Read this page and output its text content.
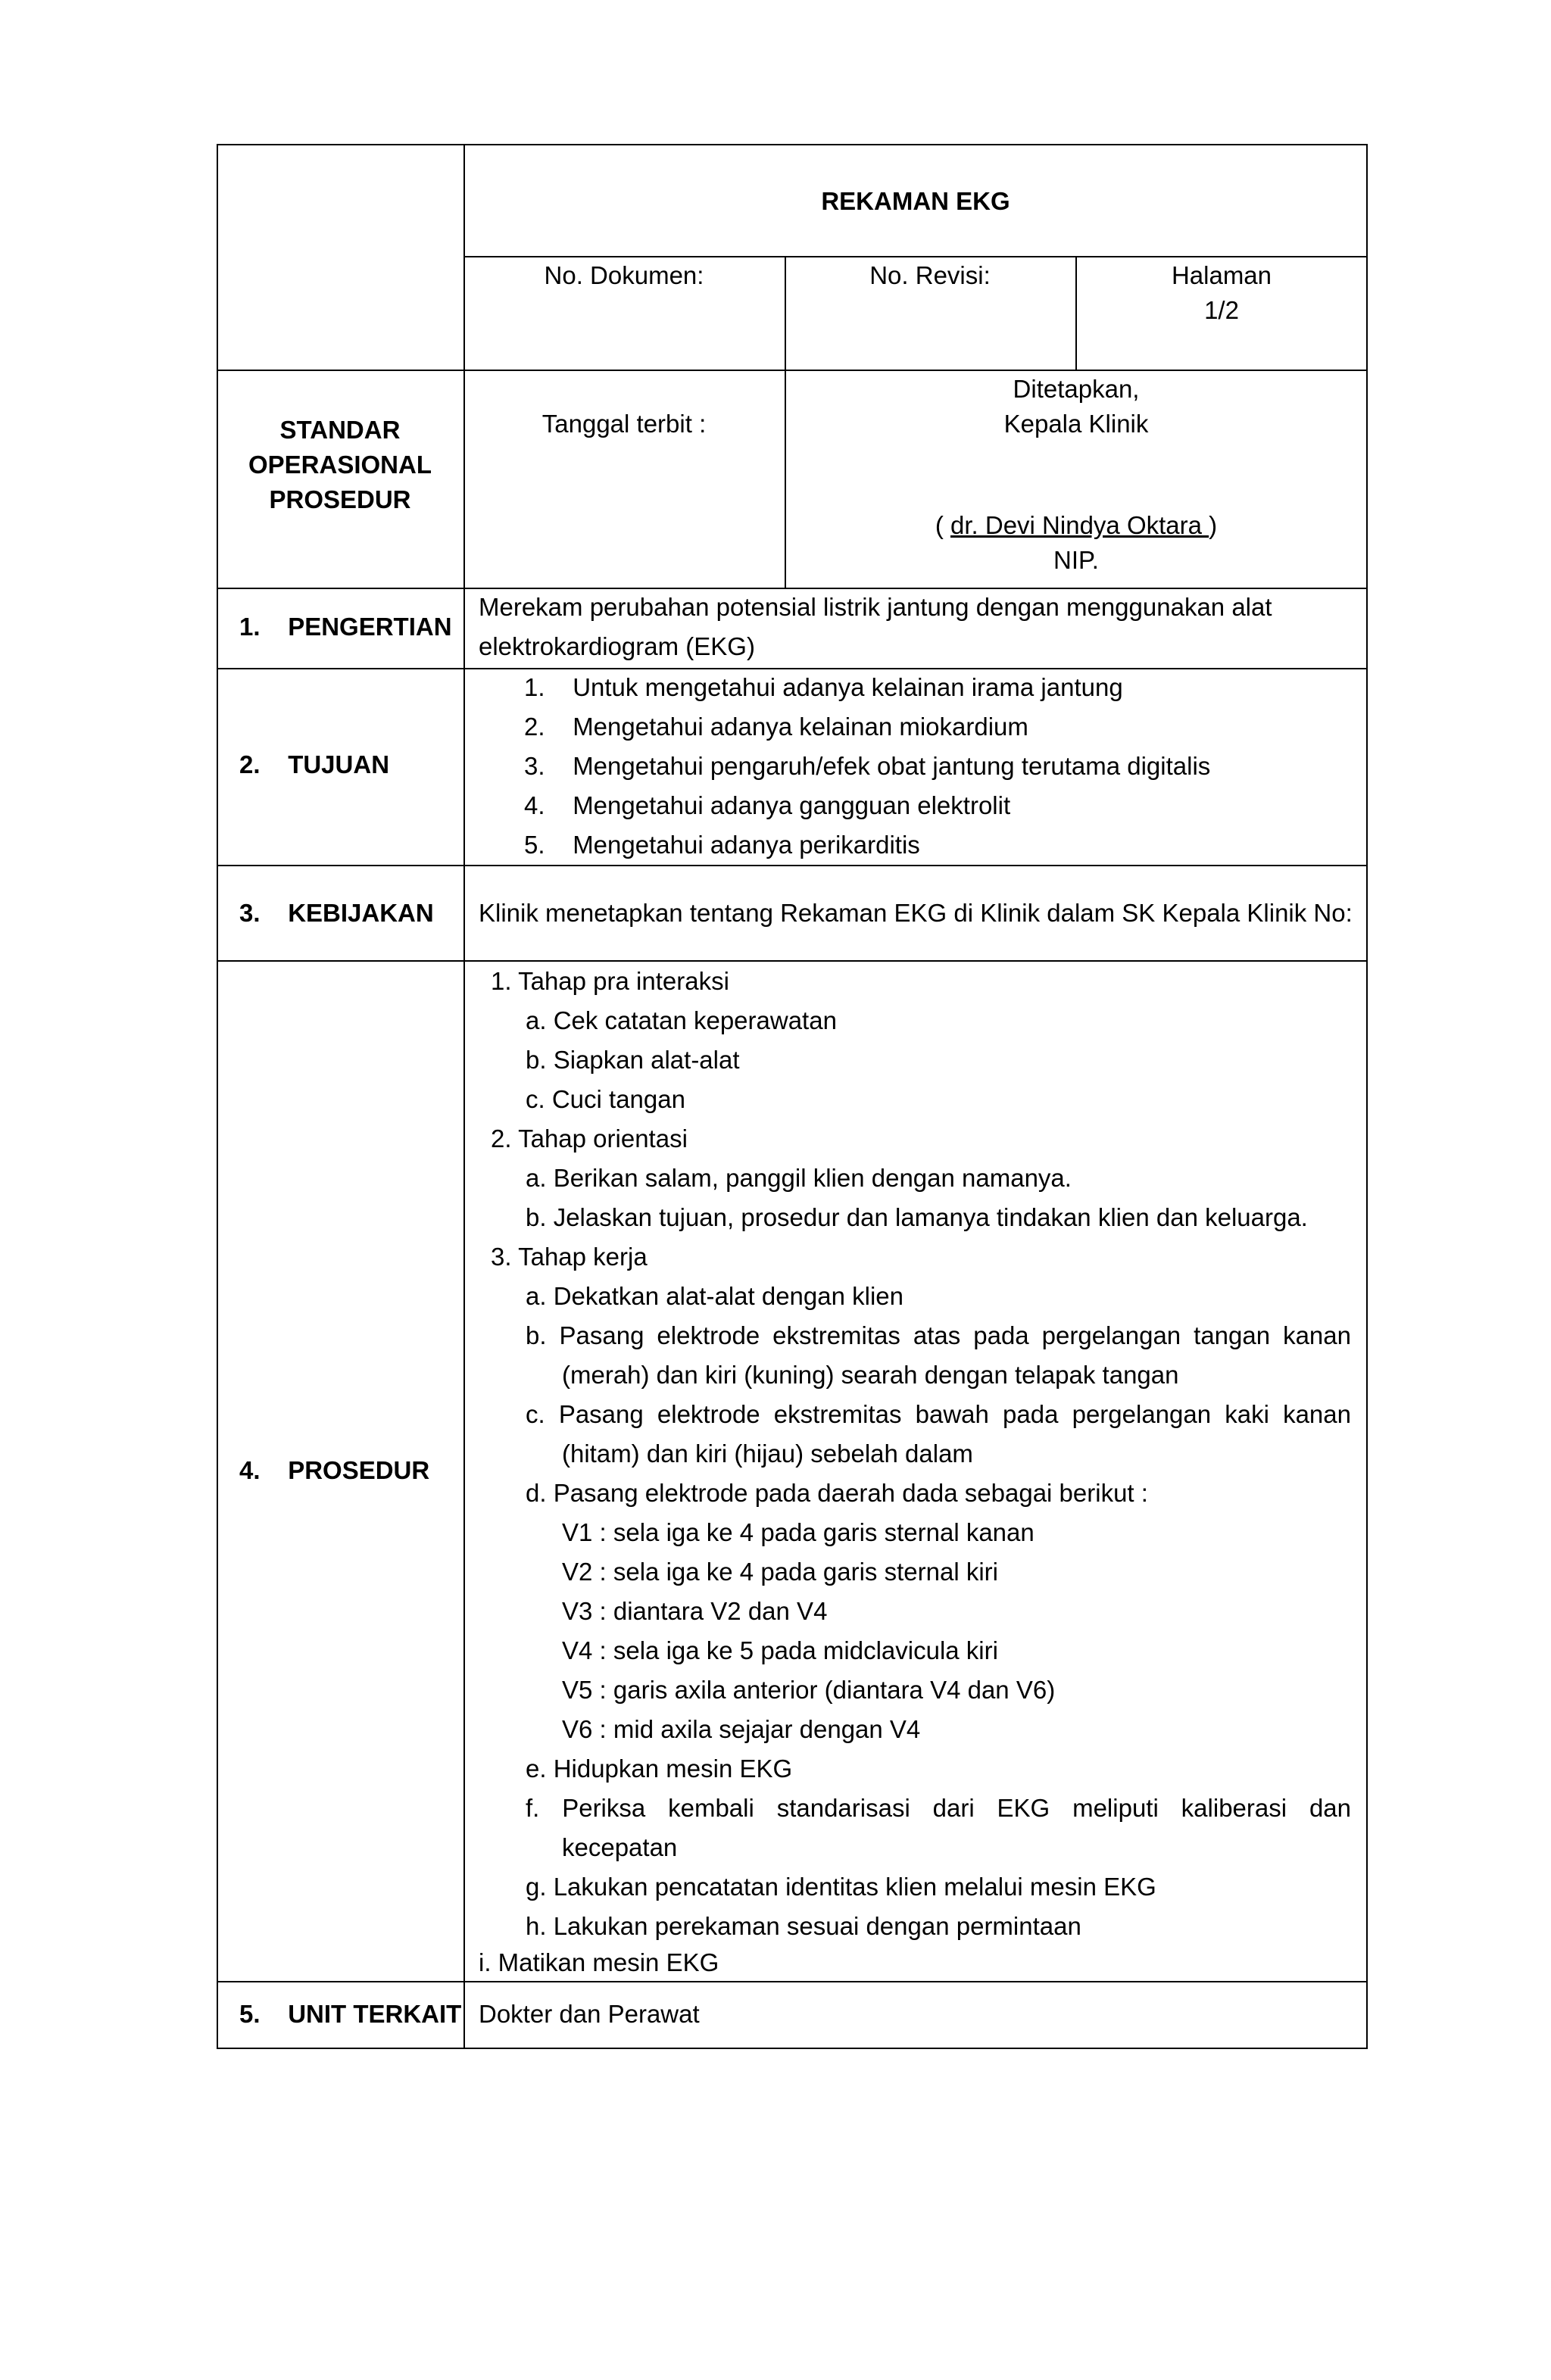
REKAMAN EKG
No. Dokumen:	No. Revisi:	Halaman
1/2
STANDAR
OPERASIONAL
PROSEDUR
Tanggal terbit :
Ditetapkan,
Kepala Klinik
( dr. Devi Nindya Oktara )
NIP.
1.    PENGERTIAN
Merekam perubahan potensial listrik jantung dengan menggunakan alat
elektrokardiogram (EKG)
2.    TUJUAN
1.    Untuk mengetahui adanya kelainan irama jantung
2.    Mengetahui adanya kelainan miokardium
3.    Mengetahui pengaruh/efek obat jantung terutama digitalis
4.    Mengetahui adanya gangguan elektrolit
5.    Mengetahui adanya perikarditis
3.    KEBIJAKAN Klinik menetapkan tentang Rekaman EKG di Klinik dalam SK Kepala Klinik No:
4.    PROSEDUR
1. Tahap pra interaksi
a. Cek catatan keperawatan
b. Siapkan alat-alat
c. Cuci tangan
2. Tahap orientasi
a. Berikan salam, panggil klien dengan namanya.
b. Jelaskan tujuan, prosedur dan lamanya tindakan klien dan keluarga.
3. Tahap kerja
a. Dekatkan alat-alat dengan klien
b. Pasang elektrode ekstremitas atas pada pergelangan tangan kanan
(merah) dan kiri (kuning) searah dengan telapak tangan
c. Pasang elektrode ekstremitas bawah pada pergelangan kaki kanan
(hitam) dan kiri (hijau) sebelah dalam
d. Pasang elektrode pada daerah dada sebagai berikut :
V1 : sela iga ke 4 pada garis sternal kanan
V2 : sela iga ke 4 pada garis sternal kiri
V3 : diantara V2 dan V4
V4 : sela iga ke 5 pada midclavicula kiri
V5 : garis axila anterior (diantara V4 dan V6)
V6 : mid axila sejajar dengan V4
e. Hidupkan mesin EKG
f. Periksa kembali standarisasi dari EKG meliputi kaliberasi dan
kecepatan
g. Lakukan pencatatan identitas klien melalui mesin EKG
h. Lakukan perekaman sesuai dengan permintaan
i. Matikan mesin EKG
5.    UNIT TERKAIT Dokter dan Perawat
